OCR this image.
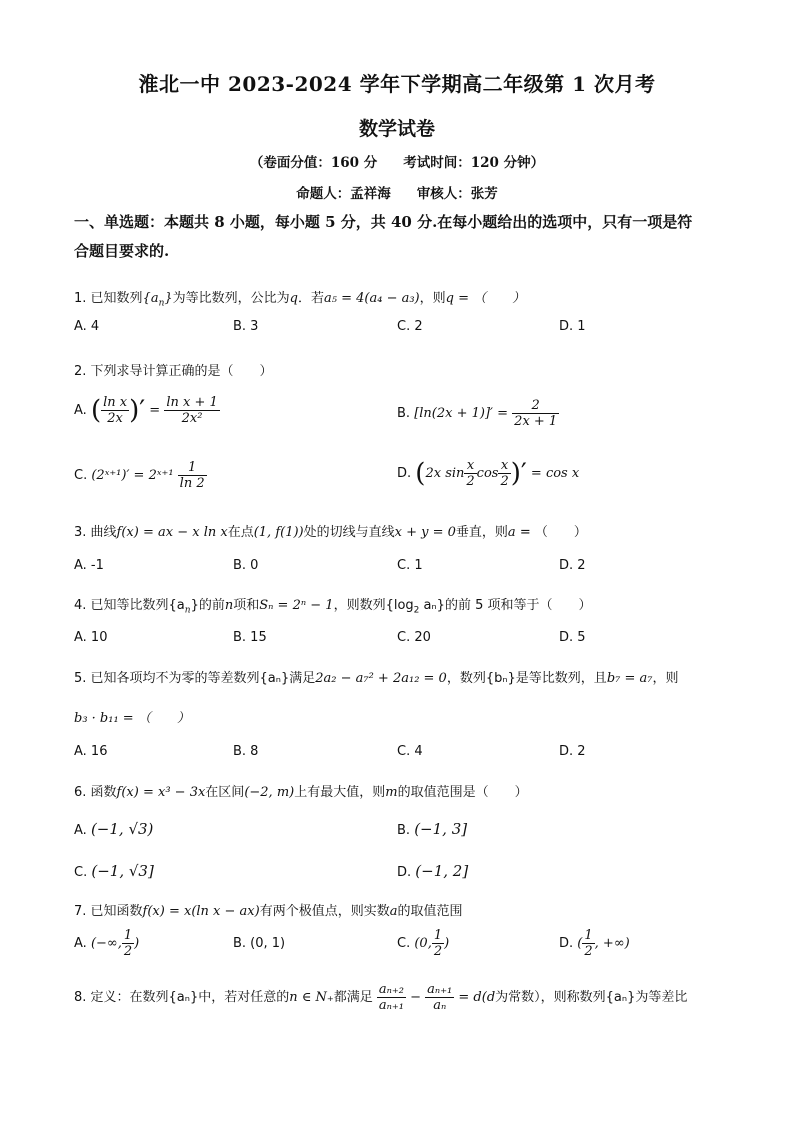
淮北一中 2023-2024 学年下学期高二年级第 1 次月考
数学试卷
（卷面分值：160 分 考试时间：120 分钟）
命题人：孟祥海 审核人：张芳
一、单选题：本题共 8 小题，每小题 5 分，共 40 分.在每小题给出的选项中，只有一项是符
合题目要求的.
1. 已知数列$\{a_n\}$为等比数列，公比为q．若a₅ = 4(a₄ − a₃)，则q = （　　）
A. 4	B. 3	C. 2	D. 1
2. 下列求导计算正确的是（　　）
A. ( $\frac{\text{ln x}}{2x}$ )′ = $\frac{\text{ln x + 1}}{\text{2x²}}$	B. $[\ln(2x + 1)]' = \frac{2}{2x + 1}$
C. (2ˣ⁺¹)′ = 2ˣ⁺¹ $\frac{1}{\ln 2}$	D. (2x $\sin \frac{x}{2}$ $\cos \frac{x}{2}$ )′ = cos x
3. 曲线f(x) = ax − x ln x在点(1, f(1))处的切线与直线x + y = 0垂直，则a = （　　）
A. -1	B. 0	C. 1	D. 2
4. 已知等比数列$\{a_n\}$的前n项和Sₙ = 2ⁿ − 1，则数列{$\log_2$ aₙ}的前 5 项和等于（　　）
A. 10	B. 15	C. 20	D. 5
5. 已知各项均不为零的等差数列{aₙ}满足2a₂ − a₇² + 2a₁₂ = 0，数列{bₙ}是等比数列，且b₇ = a₇，则
b₃ · b₁₁ = （　　）
A. 16	B. 8	C. 4	D. 2
6. 函数f(x) = x³ − 3x在区间(−2, m)上有最大值，则m的取值范围是（　　）
A. (−1, √3)	B. (−1, 3]
C. (−1, √3]	D. (−1, 2]
7. 已知函数f(x) = x(ln x − ax)有两个极值点，则实数a的取值范围
A. (−∞, $\frac{1}{2}$ )	B. (0, 1)	C. (0, $\frac{1}{2}$ )	D. ( $\frac{1}{2}$ , +∞)
8. 定义：在数列{aₙ}中，若对任意的n ∈ N₊都满足 $\frac{\text{aₙ₊₂}}{\text{aₙ₊₁}} - \frac{\text{aₙ₊₁}}{\text{aₙ}} = d(d$为常数），则称数列{aₙ}为等差比
